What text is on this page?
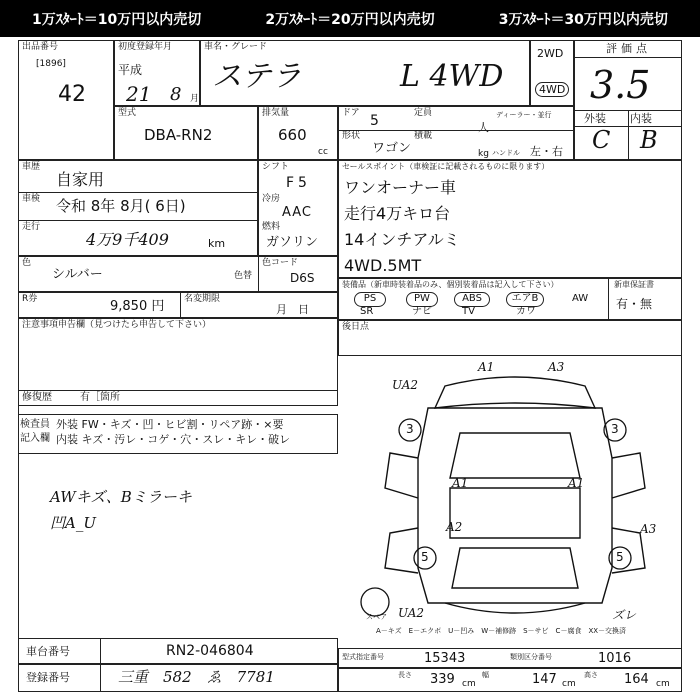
1万ｽﾀｰﾄ＝10万円以内売切	2万ｽﾀｰﾄ＝20万円以内売切	3万ｽﾀｰﾄ＝30万円以内売切
出品番号
[1896]
42
初度登録年月
平成
21 8 月
車名・グレード
ステラ	L 4WD
2WD
4WD
評価点
3.5
外装 内装
C B
型式
DBA-RN2
排気量
660
cc
ドア 5	定員
人
ディーラー・並行
形状
ワゴン
積載
kg ハンドル 左・右
車歴
自家用
車検 令和 8年 8月( 6日)
走行
4万9千409	km
シフト
F5
冷房
AAC
燃料
ガソリン
セールスポイント（車検証に記載されるものに限ります）
ワンオーナー車
走行4万キロ台
14インチアルミ
4WD.5MT
色
シルバー	色替
色コード
D6S
R券	9,850 円 名変期限
月　日
装備品（新車時装着品のみ、個別装着品は記入して下さい）
PS	PW	ABS	エアB	AW
SR	ナビ	TV	カワ
新車保証書
有・無
注意事項申告欄（見つけたら申告して下さい）
修復歴	有［箇所
後日点
検査員
記入欄
外装 FW・キズ・凹・ヒビ割・リペア跡・×要
内装 キズ・汚レ・コゲ・穴・スレ・キレ・破レ
AWキズ、Bミラーキ
凹A_U
A1	A3
UA2
A1	A1
A2	A3
UA2	ズレ
3	3
5	5
スペア
A－キズ　E－エクボ　U－凹み　W－補修跡　S－サビ　C－腐食　XX－交換済
車台番号	RN2-046804
登録番号	三重　582　ゑ　7781
型式指定番号	15343	類別区分番号	1016
長さ 339 cm
幅	147 cm
高さ 164 cm
